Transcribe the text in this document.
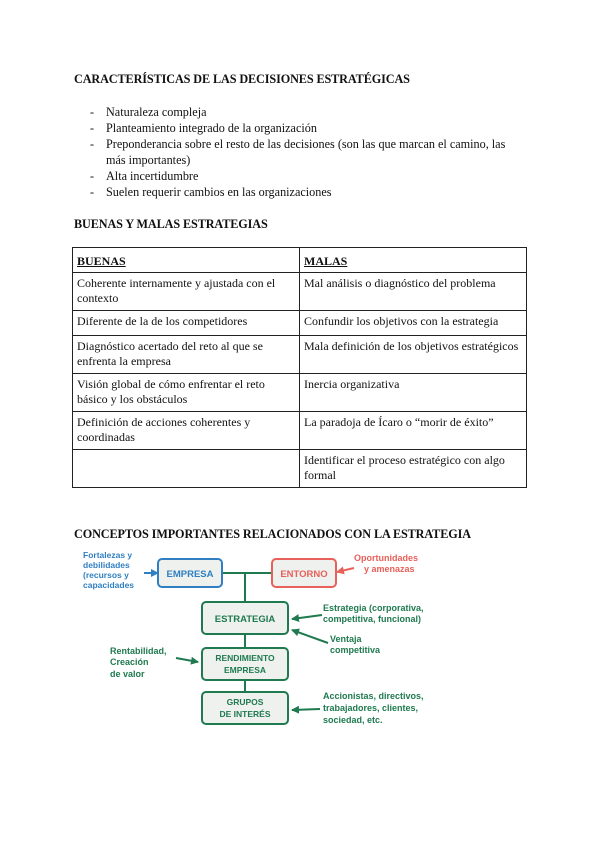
CARACTERÍSTICAS DE LAS DECISIONES ESTRATÉGICAS
- Naturaleza compleja
- Planteamiento integrado de la organización
- Preponderancia sobre el resto de las decisiones (son las que marcan el camino, las más importantes)
- Alta incertidumbre
- Suelen requerir cambios en las organizaciones
BUENAS Y MALAS ESTRATEGIAS
BUENAS	MALAS
Coherente internamente y ajustada con el contexto	Mal análisis o diagnóstico del problema
Diferente de la de los competidores	Confundir los objetivos con la estrategia
Diagnóstico acertado del reto al que se enfrenta la empresa	Mala definición de los objetivos estratégicos
Visión global de cómo enfrentar el reto básico y los obstáculos	Inercia organizativa
Definición de acciones coherentes y coordinadas	La paradoja de Ícaro o “morir de éxito”
	Identificar el proceso estratégico con algo formal
CONCEPTOS IMPORTANTES RELACIONADOS CON LA ESTRATEGIA
EMPRESA	ENTORNO
ESTRATEGIA
RENDIMIENTO
EMPRESA
GRUPOS
DE INTERÉS
Fortalezas y
debilidades
(recursos y
capacidades
Oportunidades
y amenazas
Estrategia (corporativa,
competitiva, funcional)
Ventaja
competitiva
Rentabilidad,
Creación
de valor
Accionistas, directivos,
trabajadores, clientes,
sociedad, etc.
